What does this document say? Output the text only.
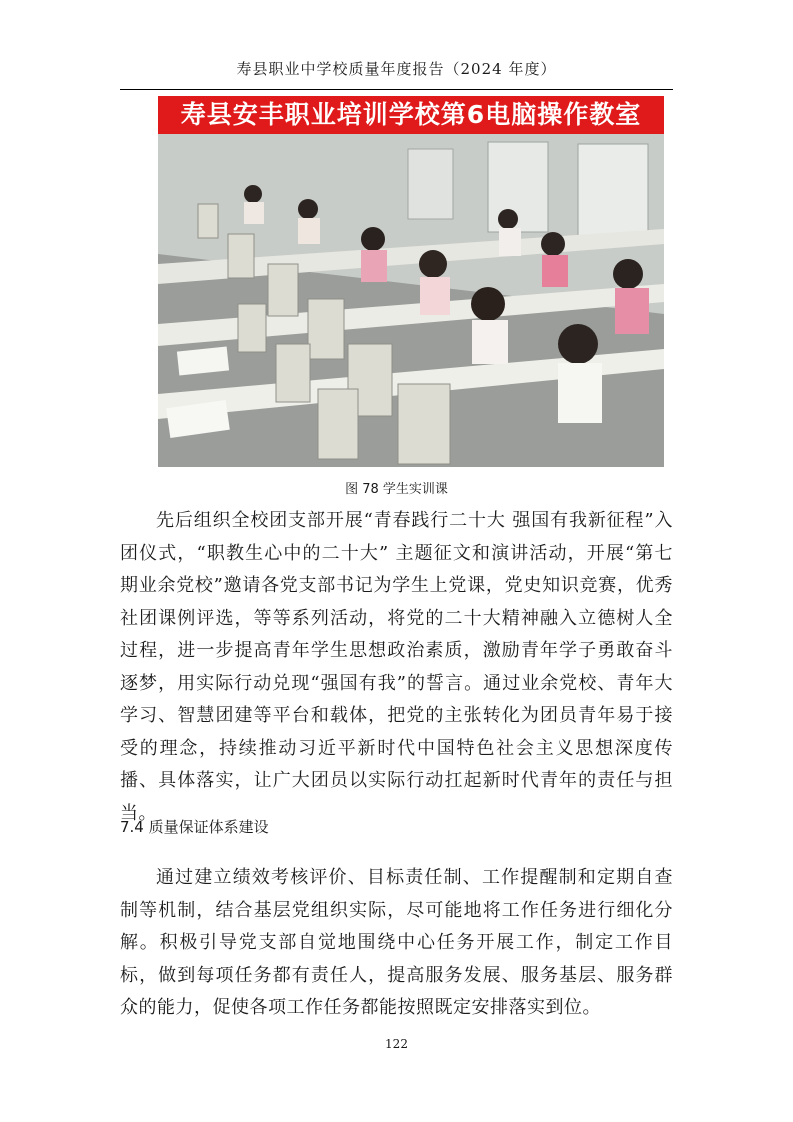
寿县职业中学校质量年度报告（2024 年度）
寿县安丰职业培训学校第6电脑操作教室
图 78 学生实训课

先后组织全校团支部开展“青春践行二十大 强国有我新征程”入团仪式，“职教生心中的二十大” 主题征文和演讲活动，开展“第七期业余党校”邀请各党支部书记为学生上党课，党史知识竞赛，优秀社团课例评选，等等系列活动，将党的二十大精神融入立德树人全过程，进一步提高青年学生思想政治素质，激励青年学子勇敢奋斗逐梦，用实际行动兑现“强国有我”的誓言。通过业余党校、青年大学习、智慧团建等平台和载体，把党的主张转化为团员青年易于接受的理念，持续推动习近平新时代中国特色社会主义思想深度传播、具体落实，让广大团员以实际行动扛起新时代青年的责任与担当。

7.4 质量保证体系建设

通过建立绩效考核评价、目标责任制、工作提醒制和定期自查制等机制，结合基层党组织实际，尽可能地将工作任务进行细化分解。积极引导党支部自觉地围绕中心任务开展工作，制定工作目标，做到每项任务都有责任人，提高服务发展、服务基层、服务群众的能力，促使各项工作任务都能按照既定安排落实到位。

122
